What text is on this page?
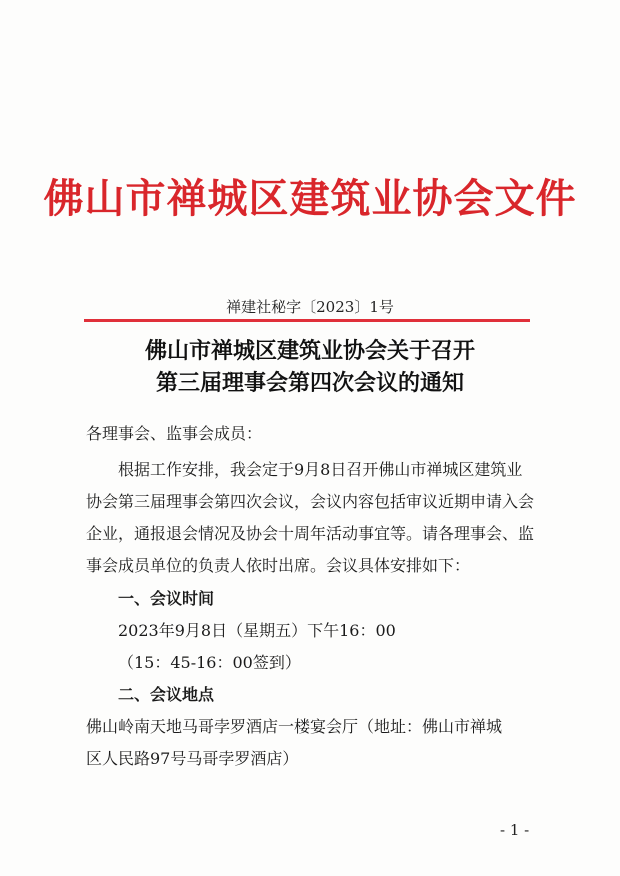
佛山市禅城区建筑业协会文件
禅建社秘字〔2023〕1号
佛山市禅城区建筑业协会关于召开
第三届理事会第四次会议的通知
各理事会、监事会成员：
根据工作安排，我会定于9月8日召开佛山市禅城区建筑业
协会第三届理事会第四次会议，会议内容包括审议近期申请入会
企业，通报退会情况及协会十周年活动事宜等。请各理事会、监
事会成员单位的负责人依时出席。会议具体安排如下：
一、会议时间
2023年9月8日（星期五）下午16：00
（15：45-16：00签到）
二、会议地点
佛山岭南天地马哥孛罗酒店一楼宴会厅（地址：佛山市禅城
区人民路97号马哥孛罗酒店）
- 1 -
